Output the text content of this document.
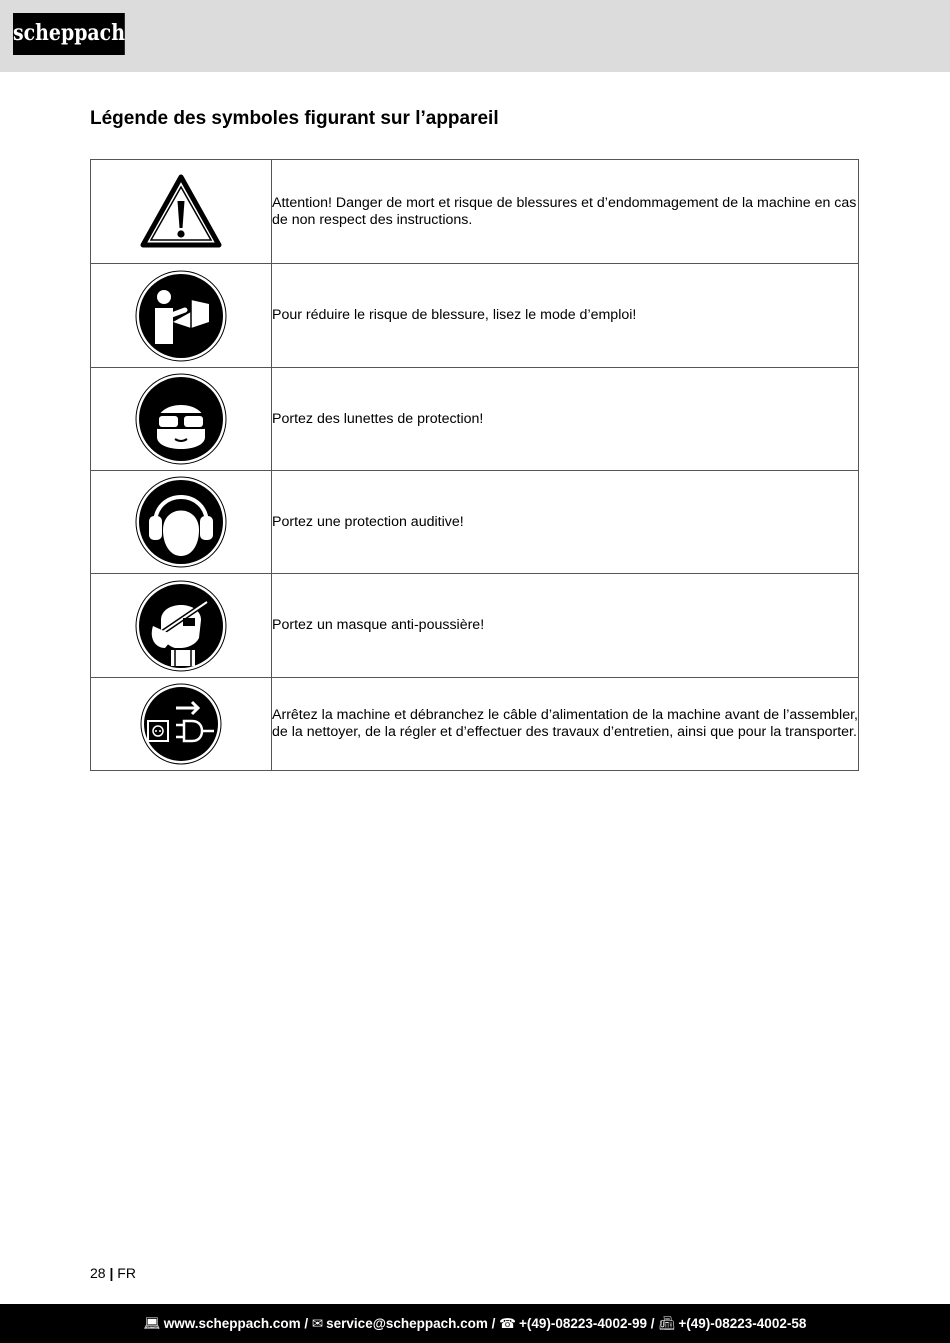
scheppach
Légende des symboles figurant sur l’appareil
	Attention! Danger de mort et risque de blessures et d’endommagement de la machine en cas de non respect des instructions.

	Pour réduire le risque de blessure, lisez le mode d’emploi!

	Portez des lunettes de protection!

	Portez une protection auditive!

	Portez un masque anti-poussière!

	Arrêtez la machine et débranchez le câble d’alimentation de la machine avant de l’assembler, de la nettoyer, de la régler et d’effectuer des travaux d’entretien, ainsi que pour la transporter.
28 | FR
💻︎ www.scheppach.com / ✉︎ service@scheppach.com / ☎︎ +(49)-08223-4002-99 / 📠︎ +(49)-08223-4002-58
